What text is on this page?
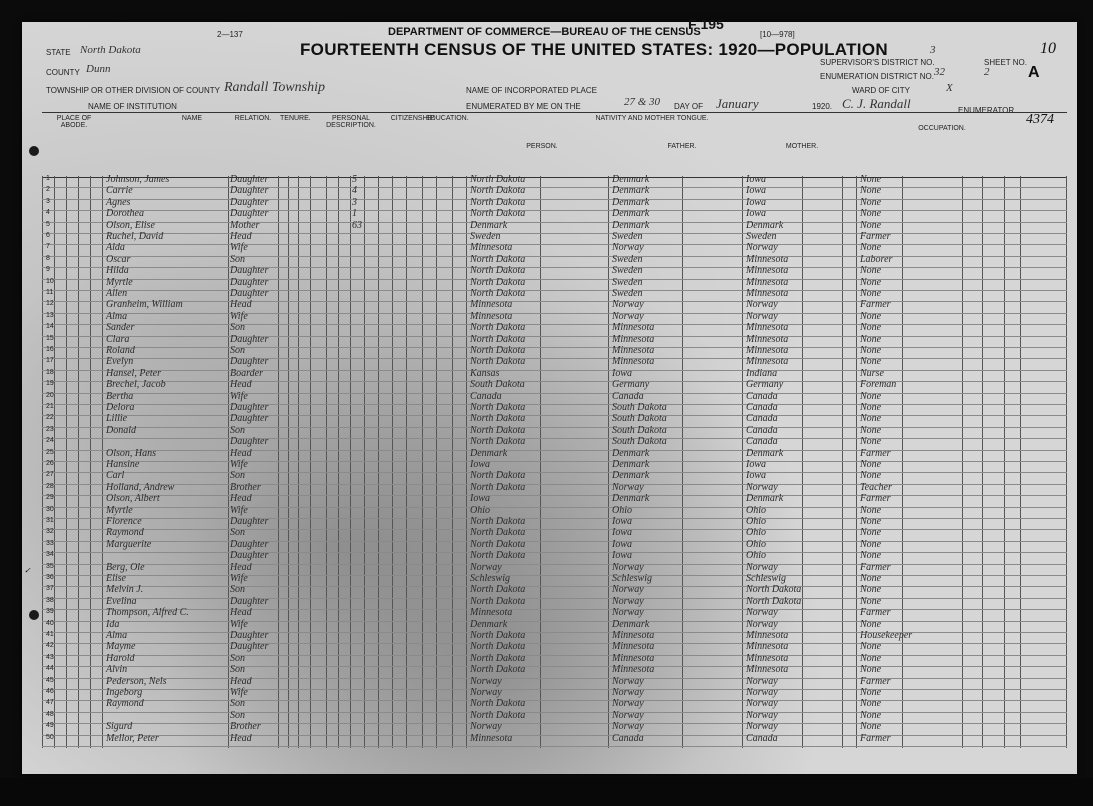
2—137	DEPARTMENT OF COMMERCE—BUREAU OF THE CENSUS
FOURTEENTH CENSUS OF THE UNITED STATES: 1920—POPULATION
F 195
[10—978]
STATE North Dakota
COUNTY Dunn
TOWNSHIP OR OTHER DIVISION OF COUNTY Randall Township
NAME OF INSTITUTION
NAME OF INCORPORATED PLACE
ENUMERATED BY ME ON THE	27 & 30 DAY OF January	1920. C. J. Randall	ENUMERATOR.
WARD OF CITY	X
SUPERVISOR'S DISTRICT NO.
3
ENUMERATION DISTRICT NO. 32
SHEET NO.
2 A
10
4374
PLACE OF ABODE.
NAME	RELATION.	TENURE.	PERSONAL DESCRIPTION.
CITIZENSHIP.
EDUCATION.	NATIVITY AND MOTHER TONGUE.
PERSON.	FATHER.	MOTHER.
OCCUPATION.
1	Johnson, James	Daughter	5	North Dakota	Denmark	Iowa	None
2	Carrie	Daughter	4	North Dakota	Denmark	Iowa	None
3	Agnes	Daughter	3	North Dakota	Denmark	Iowa	None
4	Dorothea	Daughter	1	North Dakota	Denmark	Iowa	None
5	Olson, Elise	Mother	63	Denmark	Denmark	Denmark	None
6	Ruchel, David	Head	Sweden	Sweden	Sweden	Farmer
7	Alda	Wife	Minnesota	Norway	Norway	None
8	Oscar	Son	North Dakota	Sweden	Minnesota	Laborer
9	Hilda	Daughter	North Dakota	Sweden	Minnesota	None
10	Myrtle	Daughter	North Dakota	Sweden	Minnesota	None
11	Allen	Daughter	North Dakota	Sweden	Minnesota	None
12	Granheim, William	Head	Minnesota	Norway	Norway	Farmer
13	Alma	Wife	Minnesota	Norway	Norway	None
14	Sander	Son	North Dakota	Minnesota	Minnesota	None
15	Clara	Daughter	North Dakota	Minnesota	Minnesota	None
16	Roland	Son	North Dakota	Minnesota	Minnesota	None
17	Evelyn	Daughter	North Dakota	Minnesota	Minnesota	None
18	Hansel, Peter	Boarder	Kansas	Iowa	Indiana	Nurse
19	Brechel, Jacob	Head	South Dakota	Germany	Germany	Foreman
20	Bertha	Wife	Canada	Canada	Canada	None
21	Delora	Daughter	North Dakota	South Dakota	Canada	None
22	Lillie	Daughter	North Dakota	South Dakota	Canada	None
23	Donald	Son	North Dakota	South Dakota	Canada	None
24	Daughter	North Dakota	South Dakota	Canada	None
25	Olson, Hans	Head	Denmark	Denmark	Denmark	Farmer
26	Hansine	Wife	Iowa	Denmark	Iowa	None
27	Carl	Son	North Dakota	Denmark	Iowa	None
28	Holland, Andrew	Brother	North Dakota	Norway	Norway	Teacher
29	Olson, Albert	Head	Iowa	Denmark	Denmark	Farmer
30	Myrtle	Wife	Ohio	Ohio	Ohio	None
31	Florence	Daughter	North Dakota	Iowa	Ohio	None
32	Raymond	Son	North Dakota	Iowa	Ohio	None
33	Marguerite	Daughter	North Dakota	Iowa	Ohio	None
34	Daughter	North Dakota	Iowa	Ohio	None
35	Berg, Ole	Head	Norway	Norway	Norway	Farmer
36	Elise	Wife	Schleswig	Schleswig	Schleswig	None
37	Melvin J.	Son	North Dakota	Norway	North Dakota	None
38	Evelina	Daughter	North Dakota	Norway	North Dakota	None
39	Thompson, Alfred C.	Head	Minnesota	Norway	Norway	Farmer
40	Ida	Wife	Denmark	Denmark	Norway	None
41	Alma	Daughter	North Dakota	Minnesota	Minnesota	Housekeeper
42	Mayme	Daughter	North Dakota	Minnesota	Minnesota	None
43	Harold	Son	North Dakota	Minnesota	Minnesota	None
44	Alvin	Son	North Dakota	Minnesota	Minnesota	None
45	Pederson, Nels	Head	Norway	Norway	Norway	Farmer
46	Ingeborg	Wife	Norway	Norway	Norway	None
47	Raymond	Son	North Dakota	Norway	Norway	None
48	Son	North Dakota	Norway	Norway	None
49	Sigurd	Brother	Norway	Norway	Norway	None
50	Mellor, Peter	Head	Minnesota	Canada	Canada	Farmer
✓
